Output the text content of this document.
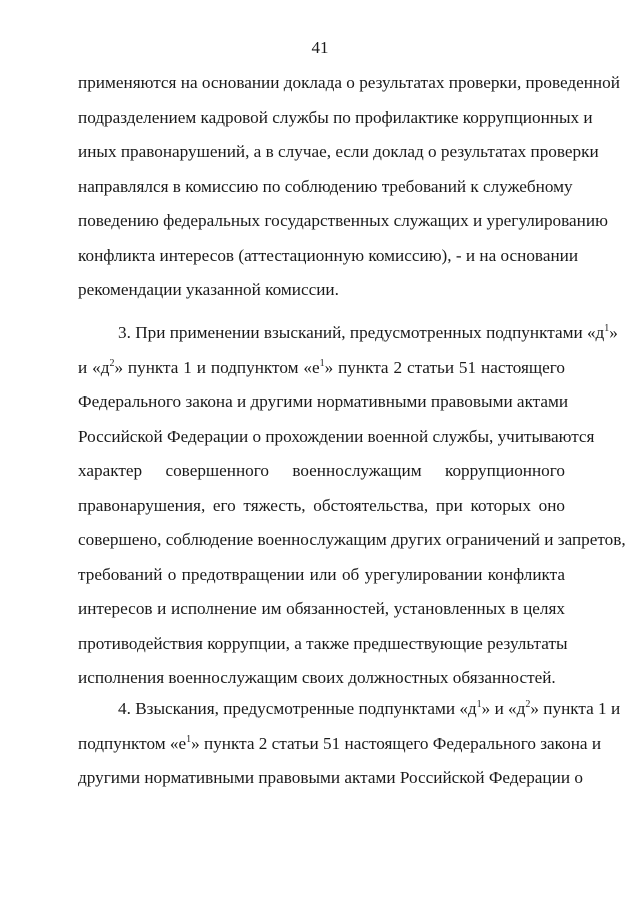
41
применяются на основании доклада о результатах проверки, проведенной
подразделением кадровой службы по профилактике коррупционных и
иных правонарушений, а в случае, если доклад о результатах проверки
направлялся в комиссию по соблюдению требований к служебному
поведению федеральных государственных служащих и урегулированию
конфликта интересов (аттестационную комиссию), - и на основании
рекомендации указанной комиссии.
3. При применении взысканий, предусмотренных подпунктами «$д^1$»
и «$д^2$» пункта 1 и подпунктом «$е^1$» пункта 2 статьи 51 настоящего
Федерального закона и другими нормативными правовыми актами
Российской Федерации о прохождении военной службы, учитываются
характер совершенного военнослужащим коррупционного
правонарушения, его тяжесть, обстоятельства, при которых оно
совершено, соблюдение военнослужащим других ограничений и запретов,
требований о предотвращении или об урегулировании конфликта
интересов и исполнение им обязанностей, установленных в целях
противодействия коррупции, а также предшествующие результаты
исполнения военнослужащим своих должностных обязанностей.
4. Взыскания, предусмотренные подпунктами «$д^1$» и «$д^2$» пункта 1 и
подпунктом «$е^1$» пункта 2 статьи 51 настоящего Федерального закона и
другими нормативными правовыми актами Российской Федерации о
